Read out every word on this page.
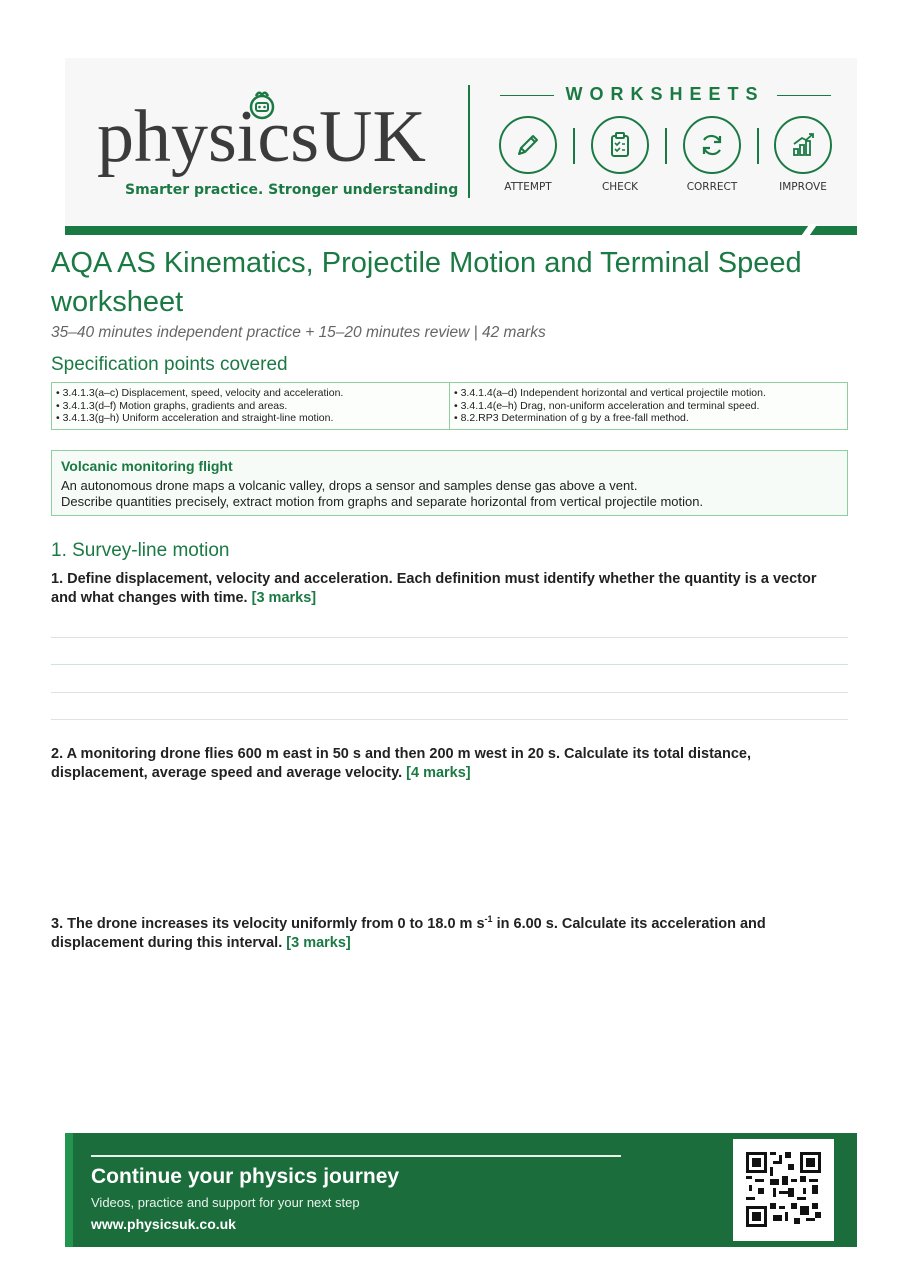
physicsUK
Smarter practice. Stronger understanding
WORKSHEETS
ATTEMPT	CHECK	CORRECT	IMPROVE
AQA AS Kinematics, Projectile Motion and Terminal Speed
worksheet
35–40 minutes independent practice + 15–20 minutes review | 42 marks
Specification points covered
• 3.4.1.3(a–c) Displacement, speed, velocity and acceleration.
• 3.4.1.3(d–f) Motion graphs, gradients and areas.
• 3.4.1.3(g–h) Uniform acceleration and straight-line motion.
• 3.4.1.4(a–d) Independent horizontal and vertical projectile motion.
• 3.4.1.4(e–h) Drag, non-uniform acceleration and terminal speed.
• 8.2.RP3 Determination of g by a free-fall method.
Volcanic monitoring flight
An autonomous drone maps a volcanic valley, drops a sensor and samples dense gas above a vent.
Describe quantities precisely, extract motion from graphs and separate horizontal from vertical projectile motion.
1. Survey-line motion
1. Define displacement, velocity and acceleration. Each definition must identify whether the quantity is a vector and what changes with time. [3 marks]
2. A monitoring drone flies 600 m east in 50 s and then 200 m west in 20 s. Calculate its total distance, displacement, average speed and average velocity. [4 marks]
3. The drone increases its velocity uniformly from 0 to 18.0 m $s^{-1}$ in 6.00 s. Calculate its acceleration and displacement during this interval. [3 marks]
Continue your physics journey
Videos, practice and support for your next step
www.physicsuk.co.uk
